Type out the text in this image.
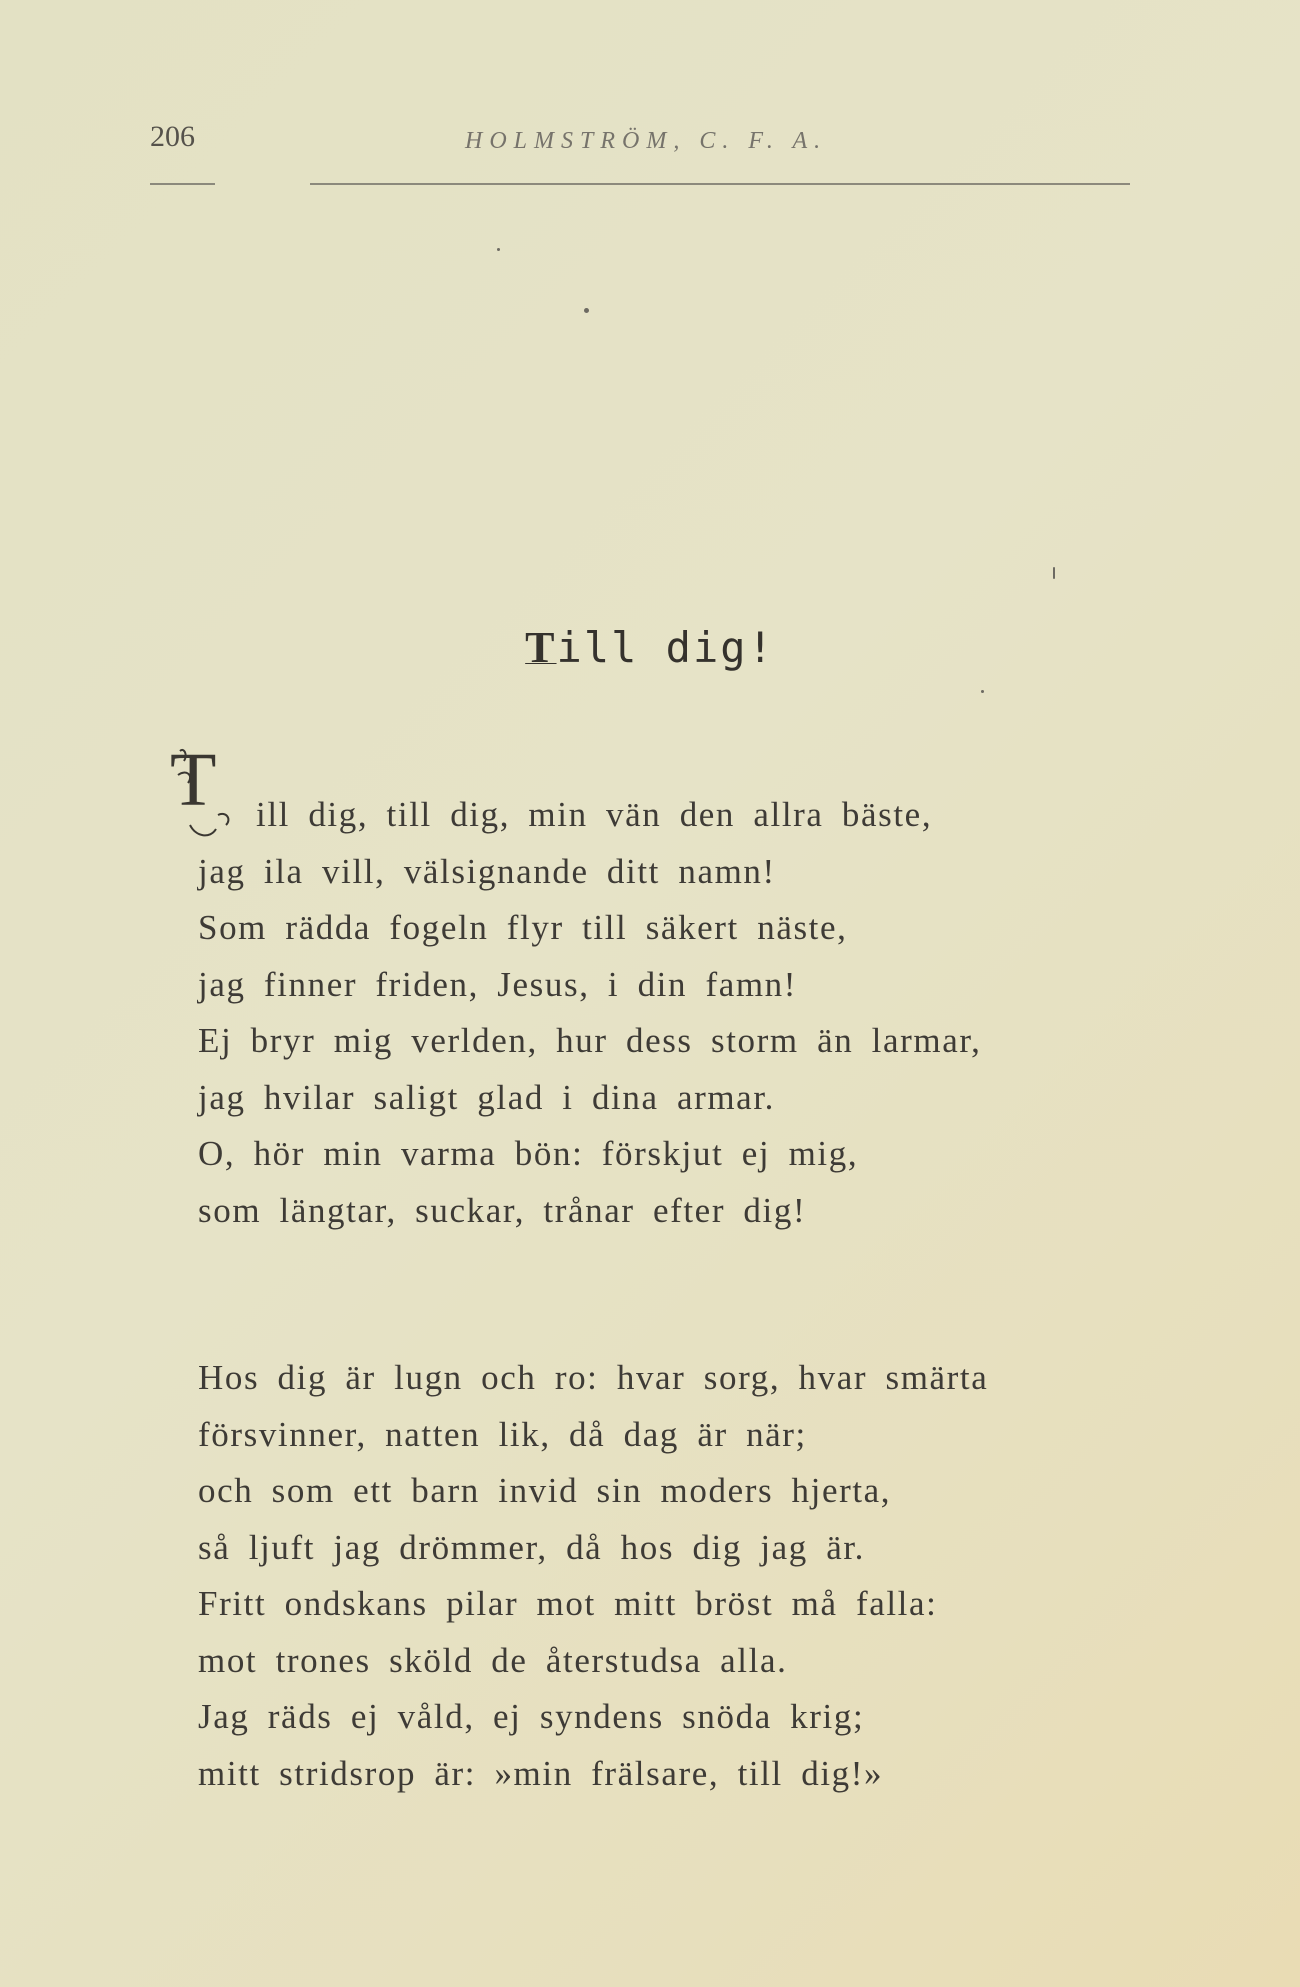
206	HOLMSTRÖM, C. F. A.
Till dig!
T	ill dig, till dig, min vän den allra bäste,
jag ila vill, välsignande ditt namn!
Som rädda fogeln flyr till säkert näste,
jag finner friden, Jesus, i din famn!
Ej bryr mig verlden, hur dess storm än larmar,
jag hvilar saligt glad i dina armar.
O, hör min varma bön: förskjut ej mig,
som längtar, suckar, trånar efter dig!
Hos dig är lugn och ro: hvar sorg, hvar smärta
försvinner, natten lik, då dag är när;
och som ett barn invid sin moders hjerta,
så ljuft jag drömmer, då hos dig jag är.
Fritt ondskans pilar mot mitt bröst må falla:
mot trones sköld de återstudsa alla.
Jag räds ej våld, ej syndens snöda krig;
mitt stridsrop är: »min frälsare, till dig!»
